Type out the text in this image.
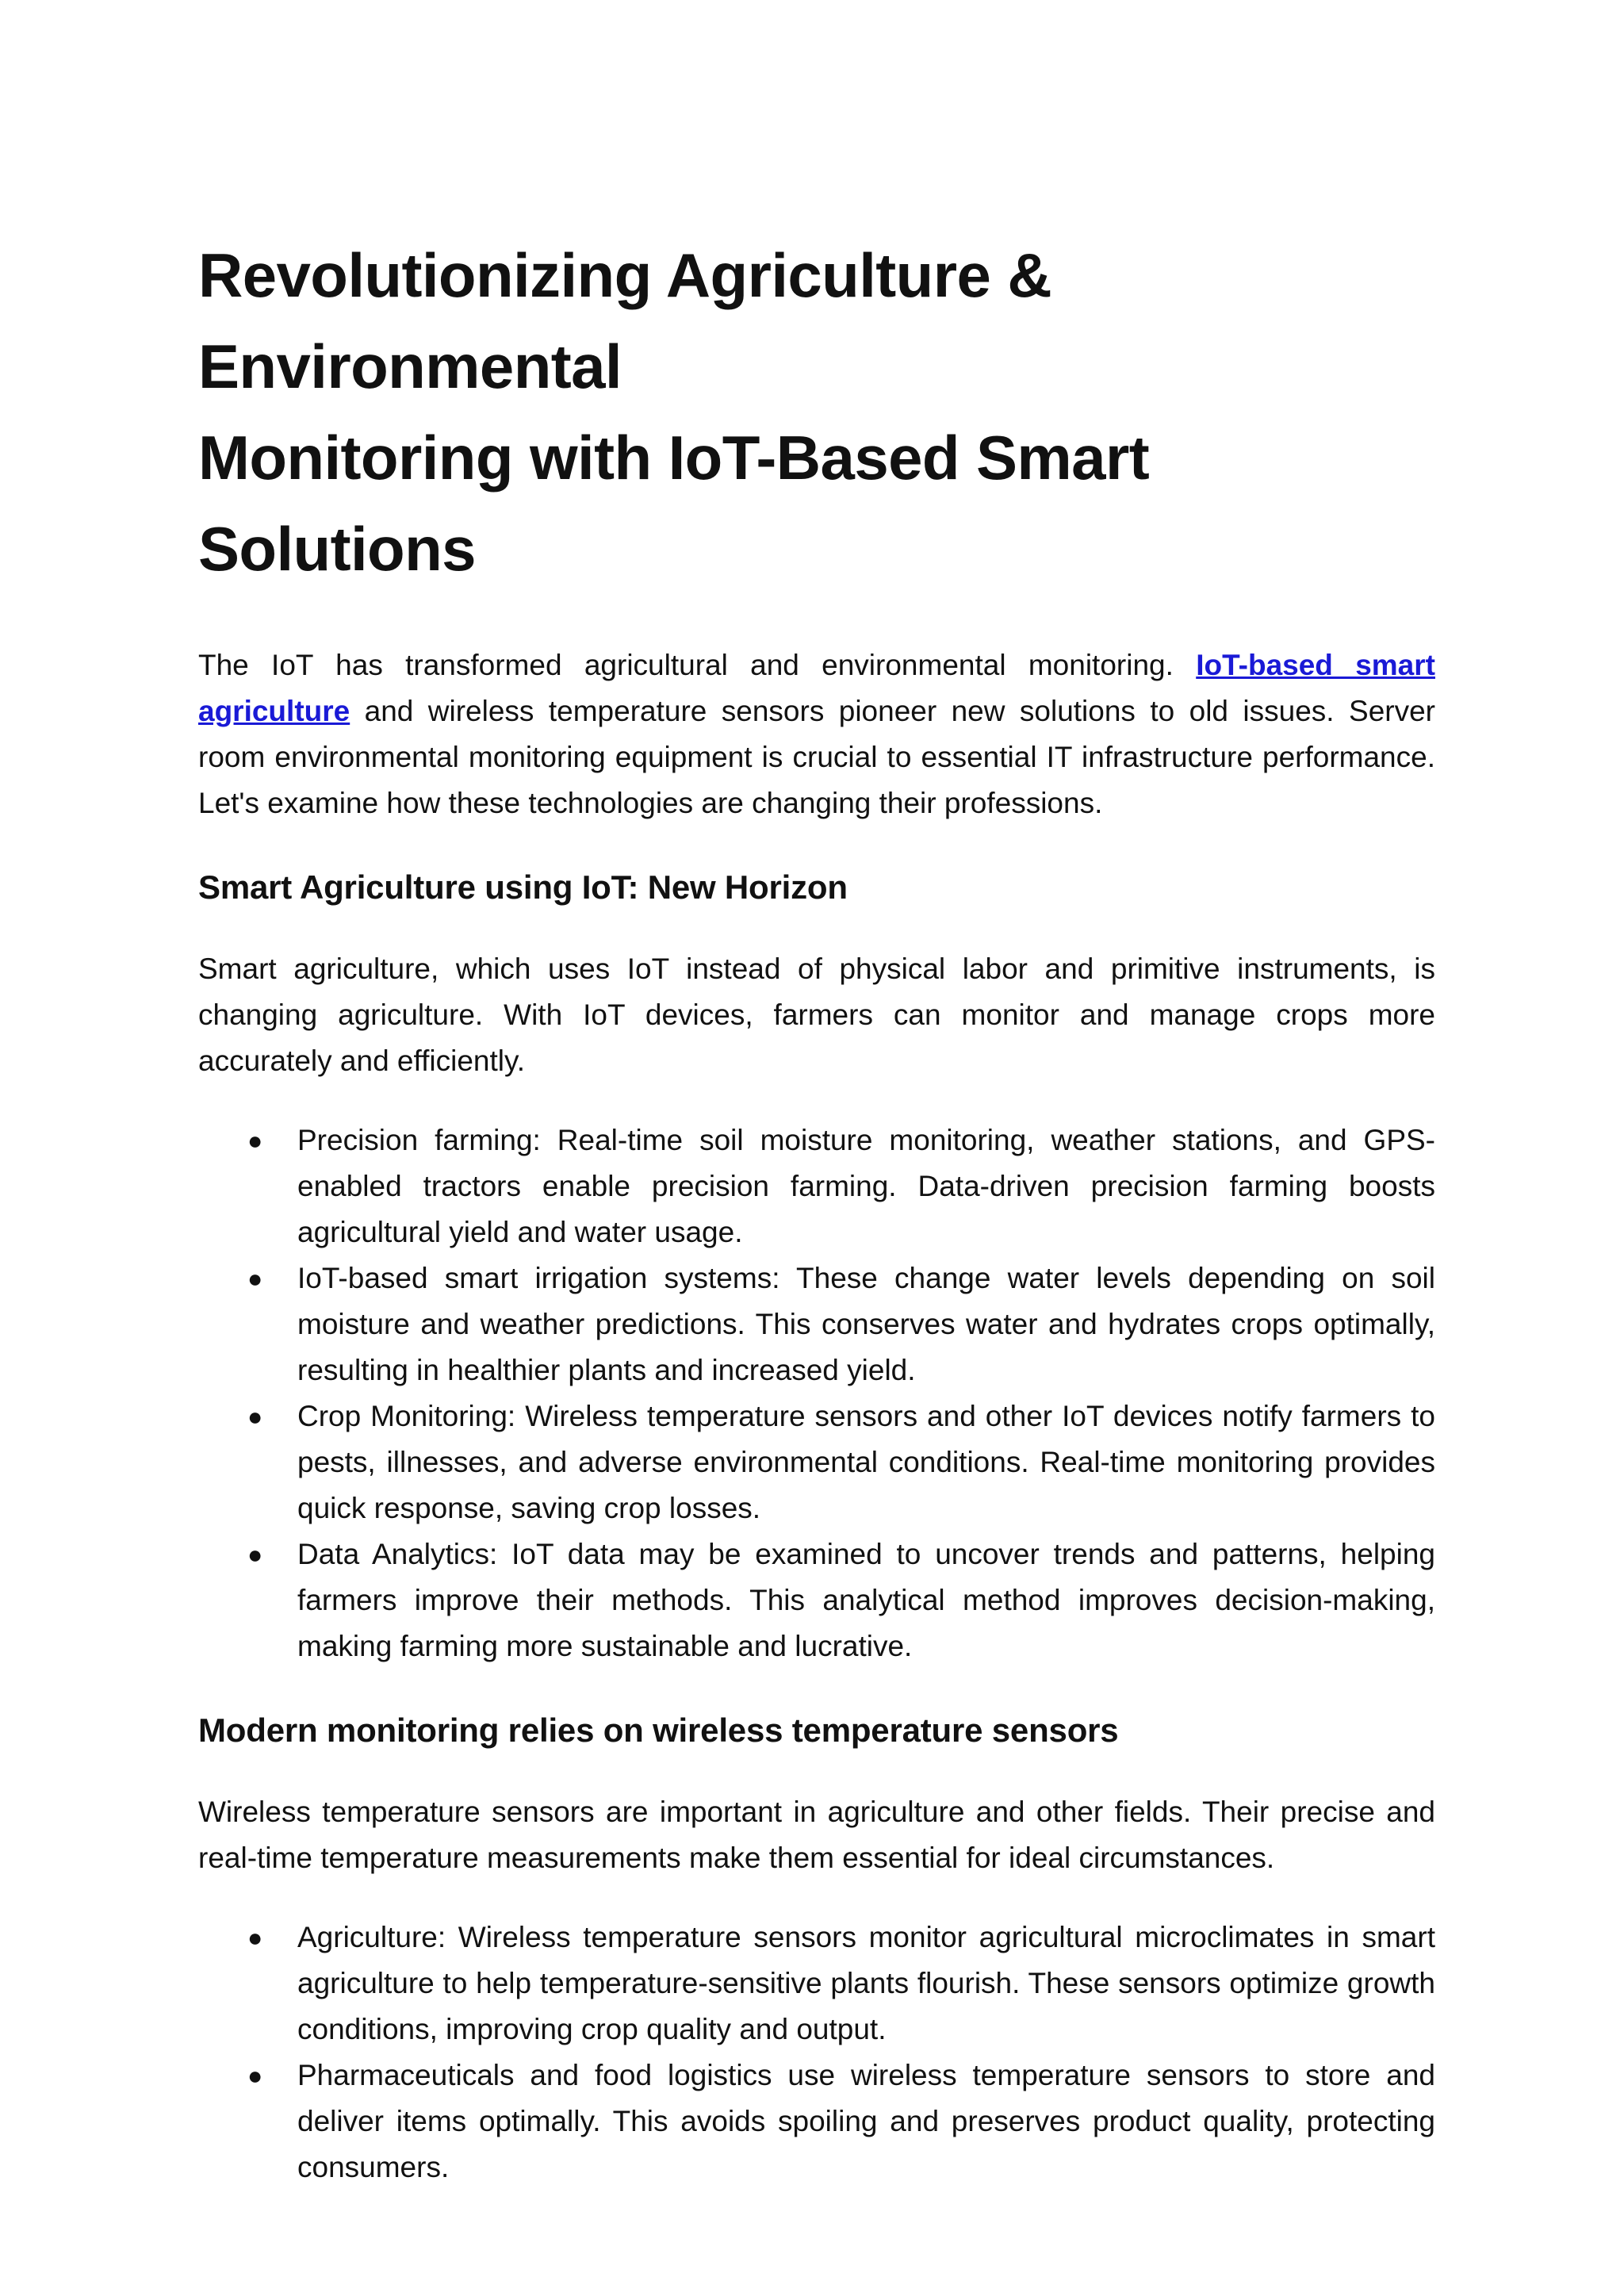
Revolutionizing Agriculture & Environmental
Monitoring with IoT-Based Smart Solutions

The IoT has transformed agricultural and environmental monitoring. IoT-based smart agriculture and wireless temperature sensors pioneer new solutions to old issues. Server room environmental monitoring equipment is crucial to essential IT infrastructure performance. Let's examine how these technologies are changing their professions.

Smart Agriculture using IoT: New Horizon

Smart agriculture, which uses IoT instead of physical labor and primitive instruments, is changing agriculture. With IoT devices, farmers can monitor and manage crops more accurately and efficiently.

● Precision farming: Real-time soil moisture monitoring, weather stations, and GPS-enabled tractors enable precision farming. Data-driven precision farming boosts agricultural yield and water usage.
● IoT-based smart irrigation systems: These change water levels depending on soil moisture and weather predictions. This conserves water and hydrates crops optimally, resulting in healthier plants and increased yield.
● Crop Monitoring: Wireless temperature sensors and other IoT devices notify farmers to pests, illnesses, and adverse environmental conditions. Real-time monitoring provides quick response, saving crop losses.
● Data Analytics: IoT data may be examined to uncover trends and patterns, helping farmers improve their methods. This analytical method improves decision-making, making farming more sustainable and lucrative.
Modern monitoring relies on wireless temperature sensors

Wireless temperature sensors are important in agriculture and other fields. Their precise and real-time temperature measurements make them essential for ideal circumstances.

● Agriculture: Wireless temperature sensors monitor agricultural microclimates in smart agriculture to help temperature-sensitive plants flourish. These sensors optimize growth conditions, improving crop quality and output.
● Pharmaceuticals and food logistics use wireless temperature sensors to store and deliver items optimally. This avoids spoiling and preserves product quality, protecting consumers.
